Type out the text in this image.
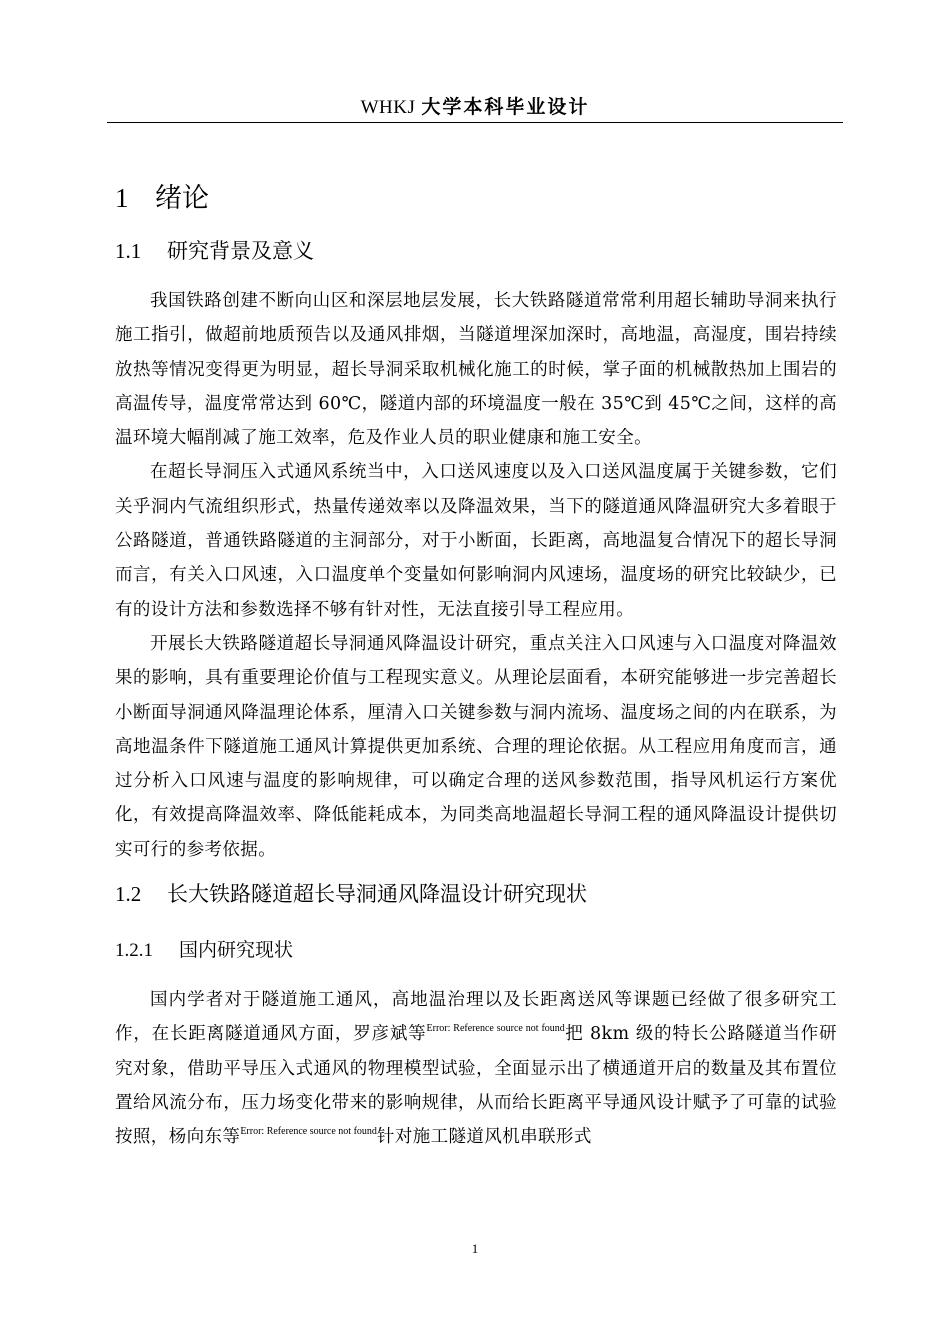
WHKJ 大学本科毕业设计
1 绪论
1.1 研究背景及意义

我国铁路创建不断向山区和深层地层发展，长大铁路隧道常常利用超长辅助导洞来执行施工指引，做超前地质预告以及通风排烟，当隧道埋深加深时，高地温，高湿度，围岩持续放热等情况变得更为明显，超长导洞采取机械化施工的时候，掌子面的机械散热加上围岩的高温传导，温度常常达到 60℃，隧道内部的环境温度一般在 35℃到 45℃之间，这样的高温环境大幅削减了施工效率，危及作业人员的职业健康和施工安全。

在超长导洞压入式通风系统当中，入口送风速度以及入口送风温度属于关键参数，它们关乎洞内气流组织形式，热量传递效率以及降温效果，当下的隧道通风降温研究大多着眼于公路隧道，普通铁路隧道的主洞部分，对于小断面，长距离，高地温复合情况下的超长导洞而言，有关入口风速，入口温度单个变量如何影响洞内风速场，温度场的研究比较缺少，已有的设计方法和参数选择不够有针对性，无法直接引导工程应用。

开展长大铁路隧道超长导洞通风降温设计研究，重点关注入口风速与入口温度对降温效果的影响，具有重要理论价值与工程现实意义。从理论层面看，本研究能够进一步完善超长小断面导洞通风降温理论体系，厘清入口关键参数与洞内流场、温度场之间的内在联系，为高地温条件下隧道施工通风计算提供更加系统、合理的理论依据。从工程应用角度而言，通过分析入口风速与温度的影响规律，可以确定合理的送风参数范围，指导风机运行方案优化，有效提高降温效率、降低能耗成本，为同类高地温超长导洞工程的通风降温设计提供切实可行的参考依据。

1.2 长大铁路隧道超长导洞通风降温设计研究现状
1.2.1 国内研究现状

国内学者对于隧道施工通风，高地温治理以及长距离送风等课题已经做了很多研究工作，在长距离隧道通风方面，罗彦斌等$^{Error: Reference source not found}$把 8km 级的特长公路隧道当作研究对象，借助平导压入式通风的物理模型试验，全面显示出了横通道开启的数量及其布置位置给风流分布，压力场变化带来的影响规律，从而给长距离平导通风设计赋予了可靠的试验按照，杨向东等$^{Error: Reference source not found}$针对施工隧道风机串联形式

1
